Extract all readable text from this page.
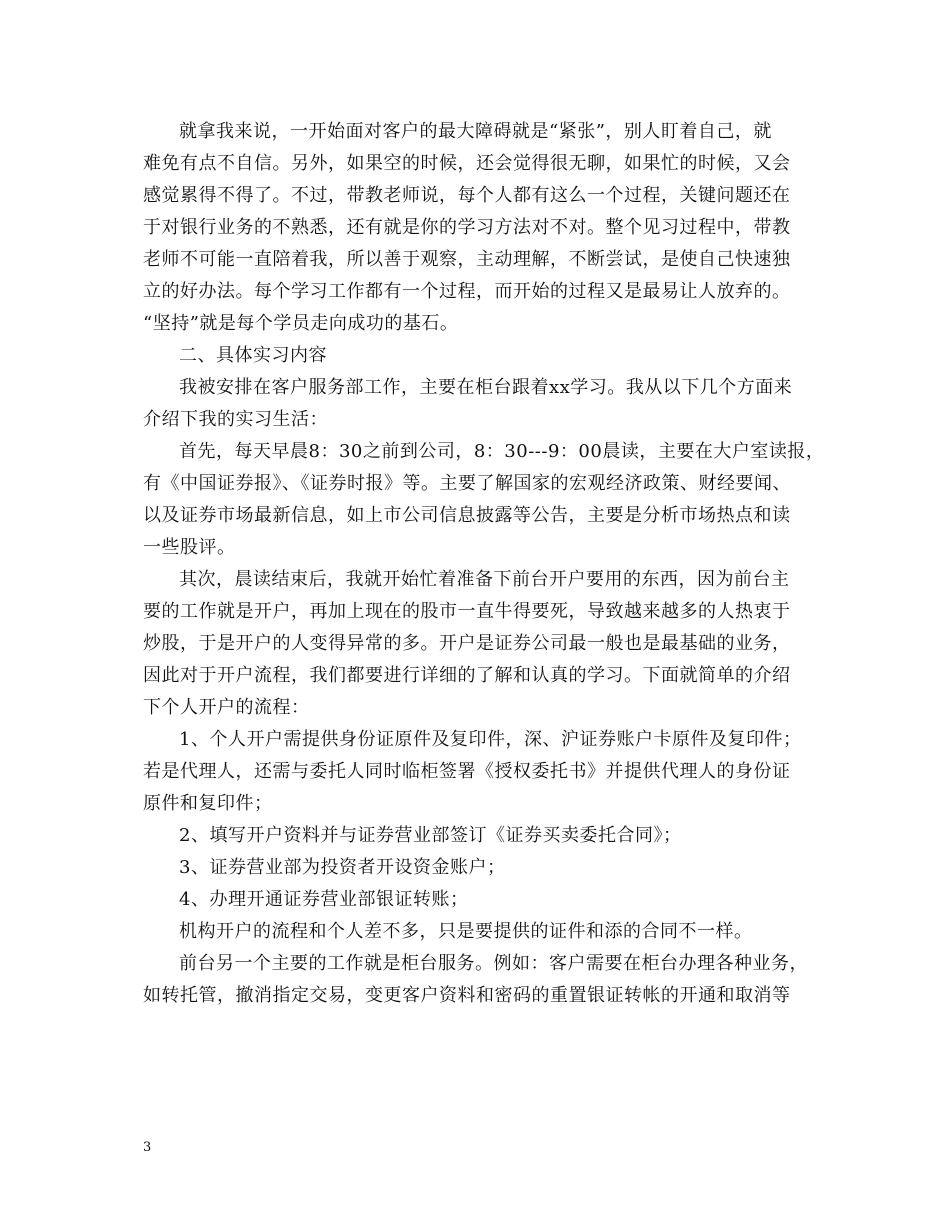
就拿我来说，一开始面对客户的最大障碍就是“紧张”，别人盯着自己，就
难免有点不自信。另外，如果空的时候，还会觉得很无聊，如果忙的时候，又会
感觉累得不得了。不过，带教老师说，每个人都有这么一个过程，关键问题还在
于对银行业务的不熟悉，还有就是你的学习方法对不对。整个见习过程中，带教
老师不可能一直陪着我，所以善于观察，主动理解，不断尝试，是使自己快速独
立的好办法。每个学习工作都有一个过程，而开始的过程又是最易让人放弃的。
“坚持”就是每个学员走向成功的基石。
二、具体实习内容
我被安排在客户服务部工作，主要在柜台跟着xx学习。我从以下几个方面来
介绍下我的实习生活：
首先，每天早晨8：30之前到公司，8：30---9：00晨读，主要在大户室读报，
有《中国证券报》、《证券时报》等。主要了解国家的宏观经济政策、财经要闻、
以及证券市场最新信息，如上市公司信息披露等公告，主要是分析市场热点和读
一些股评。
其次，晨读结束后，我就开始忙着准备下前台开户要用的东西，因为前台主
要的工作就是开户，再加上现在的股市一直牛得要死，导致越来越多的人热衷于
炒股，于是开户的人变得异常的多。开户是证券公司最一般也是最基础的业务，
因此对于开户流程，我们都要进行详细的了解和认真的学习。下面就简单的介绍
下个人开户的流程：
1、个人开户需提供身份证原件及复印件，深、沪证券账户卡原件及复印件；
若是代理人，还需与委托人同时临柜签署《授权委托书》并提供代理人的身份证
原件和复印件；
2、填写开户资料并与证券营业部签订《证券买卖委托合同》；
3、证券营业部为投资者开设资金账户；
4、办理开通证券营业部银证转账；
机构开户的流程和个人差不多，只是要提供的证件和添的合同不一样。
前台另一个主要的工作就是柜台服务。例如：客户需要在柜台办理各种业务，
如转托管，撤消指定交易，变更客户资料和密码的重置银证转帐的开通和取消等
3
